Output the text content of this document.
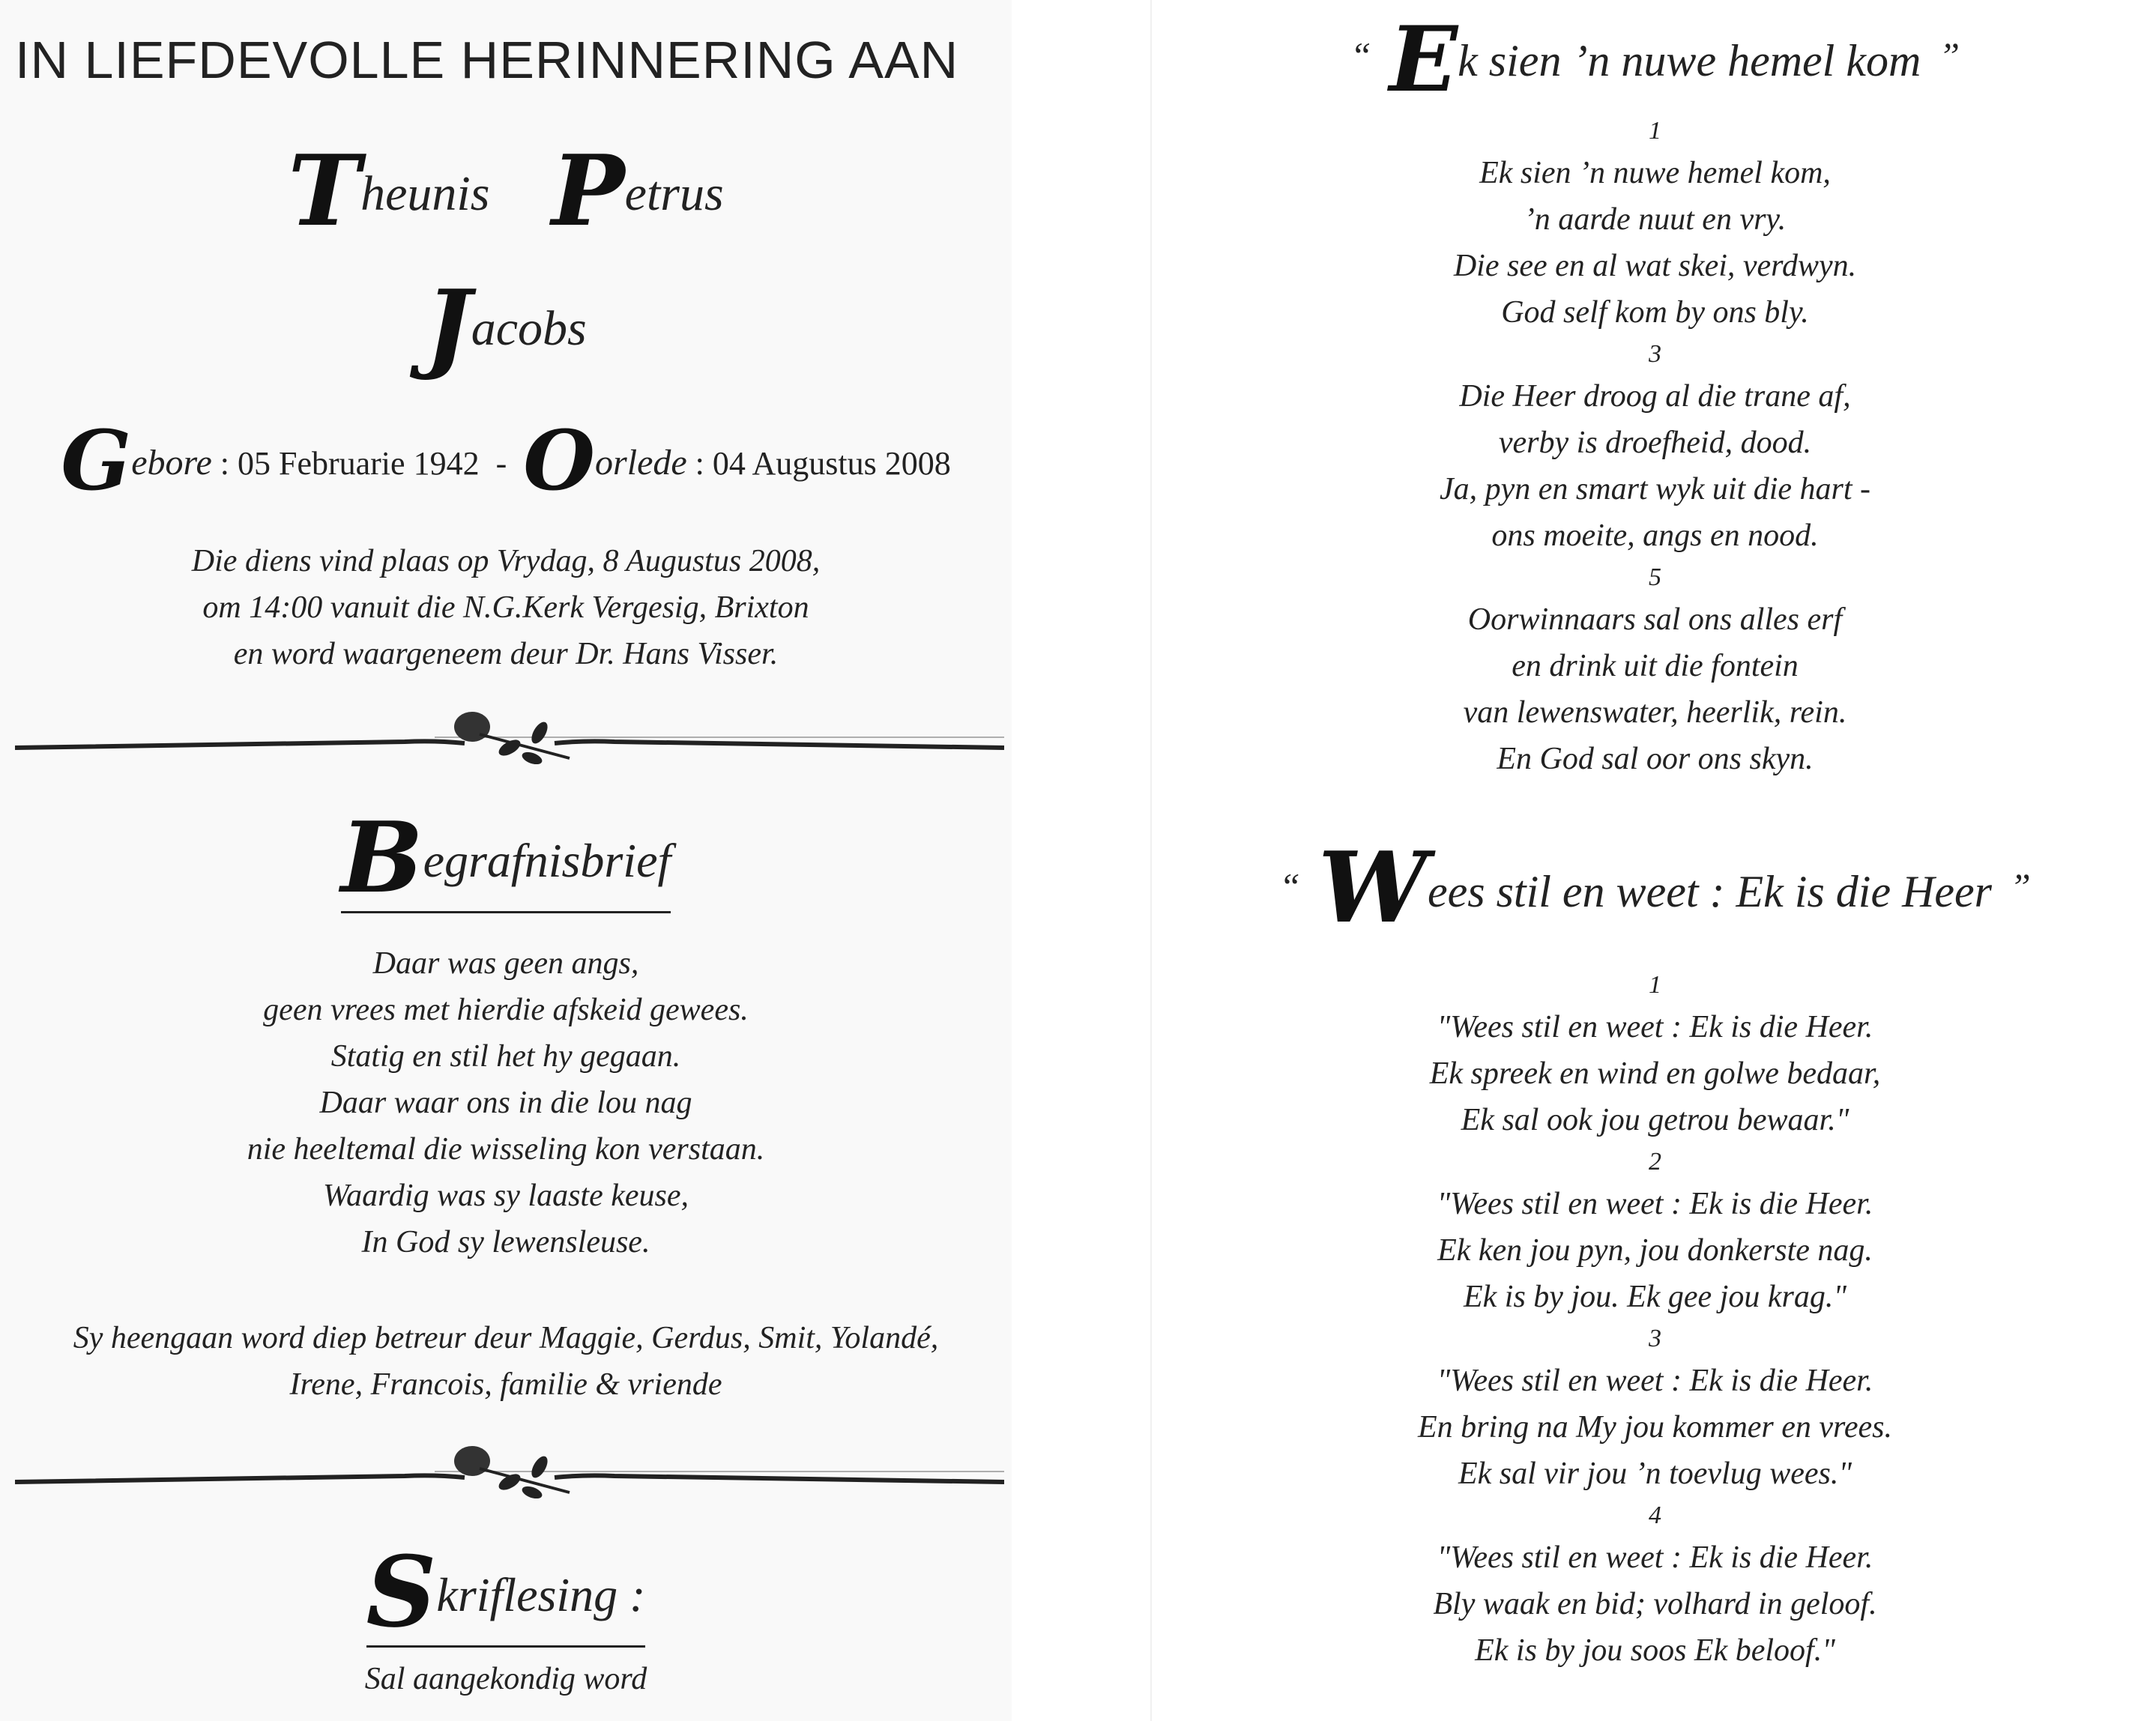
IN LIEFDEVOLLE HERINNERING AAN
Theunis Petrus
Jacobs
Gebore : 05 Februarie 1942 - Oorlede : 04 Augustus 2008
Die diens vind plaas op Vrydag, 8 Augustus 2008,
om 14:00 vanuit die N.G.Kerk Vergesig, Brixton
en word waargeneem deur Dr. Hans Visser.
Begrafnisbrief
Daar was geen angs,
geen vrees met hierdie afskeid gewees.
Statig en stil het hy gegaan.
Daar waar ons in die lou nag
nie heeltemal die wisseling kon verstaan.
Waardig was sy laaste keuse,
In God sy lewensleuse.
Sy heengaan word diep betreur deur Maggie, Gerdus, Smit, Yolandé,
Irene, Francois, familie & vriende
Skriflesing :
Sal aangekondig word
“ Ek sien ’n nuwe hemel kom ”
1
Ek sien ’n nuwe hemel kom,
’n aarde nuut en vry.
Die see en al wat skei, verdwyn.
God self kom by ons bly.
3
Die Heer droog al die trane af,
verby is droefheid, dood.
Ja, pyn en smart wyk uit die hart -
ons moeite, angs en nood.
5
Oorwinnaars sal ons alles erf
en drink uit die fontein
van lewenswater, heerlik, rein.
En God sal oor ons skyn.
“ Wees stil en weet : Ek is die Heer ”
1
"Wees stil en weet : Ek is die Heer.
Ek spreek en wind en golwe bedaar,
Ek sal ook jou getrou bewaar."
2
"Wees stil en weet : Ek is die Heer.
Ek ken jou pyn, jou donkerste nag.
Ek is by jou. Ek gee jou krag."
3
"Wees stil en weet : Ek is die Heer.
En bring na My jou kommer en vrees.
Ek sal vir jou ’n toevlug wees."
4
"Wees stil en weet : Ek is die Heer.
Bly waak en bid; volhard in geloof.
Ek is by jou soos Ek beloof."
